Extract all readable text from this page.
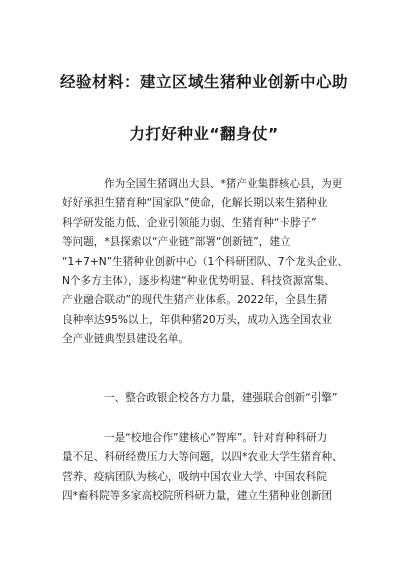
经验材料：建立区域生猪种业创新中心助
力打好种业“翻身仗”

作为全国生猪调出大县、*猪产业集群核心县，为更
好好承担生猪育种“国家队”使命，化解长期以来生猪种业
科学研发能力低、企业引领能力弱、生猪育种“卡脖子”
等问题，*县探索以“产业链”部署“创新链”，建立
“1+7+N”生猪种业创新中心（1个科研团队、7个龙头企业、
N个多方主体），逐步构建“种业优势明显、科技资源富集、
产业融合联动”的现代生猪产业体系。2022年，全县生猪
良种率达95%以上，年供种猪20万头，成功入选全国农业
全产业链典型县建设名单。

一、整合政银企校各方力量，建强联合创新“引擎”

一是“校地合作”建核心“智库”。针对育种科研力
量不足、科研经费压力大等问题，以四*农业大学生猪育种、
营养、疫病团队为核心，吸纳中国农业大学、中国农科院
四*畜科院等多家高校院所科研力量，建立生猪种业创新团
